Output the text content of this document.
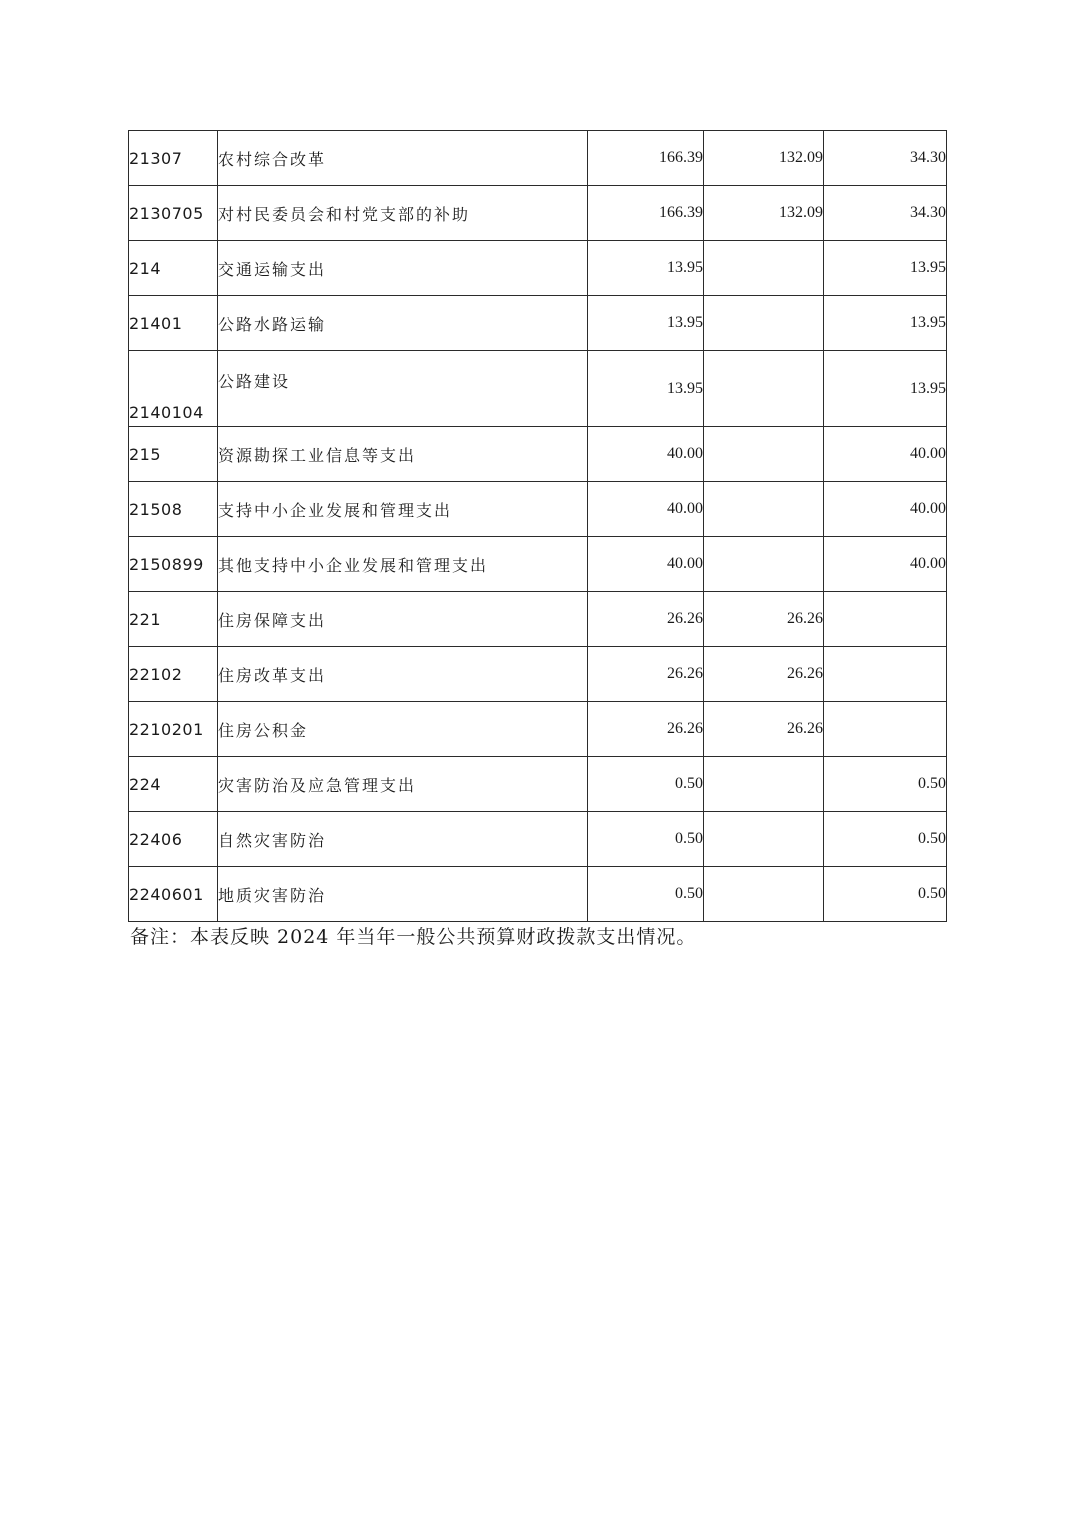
21307	农村综合改革	166.39	132.09	34.30
2130705	对村民委员会和村党支部的补助	166.39	132.09	34.30
214	交通运输支出	13.95		13.95
21401	公路水路运输	13.95		13.95
2140104	公路建设	13.95		13.95
215	资源勘探工业信息等支出	40.00		40.00
21508	支持中小企业发展和管理支出	40.00		40.00
2150899	其他支持中小企业发展和管理支出	40.00		40.00
221	住房保障支出	26.26	26.26	
22102	住房改革支出	26.26	26.26	
2210201	住房公积金	26.26	26.26	
224	灾害防治及应急管理支出	0.50		0.50
22406	自然灾害防治	0.50		0.50
2240601	地质灾害防治	0.50		0.50
备注：本表反映 2024 年当年一般公共预算财政拨款支出情况。
